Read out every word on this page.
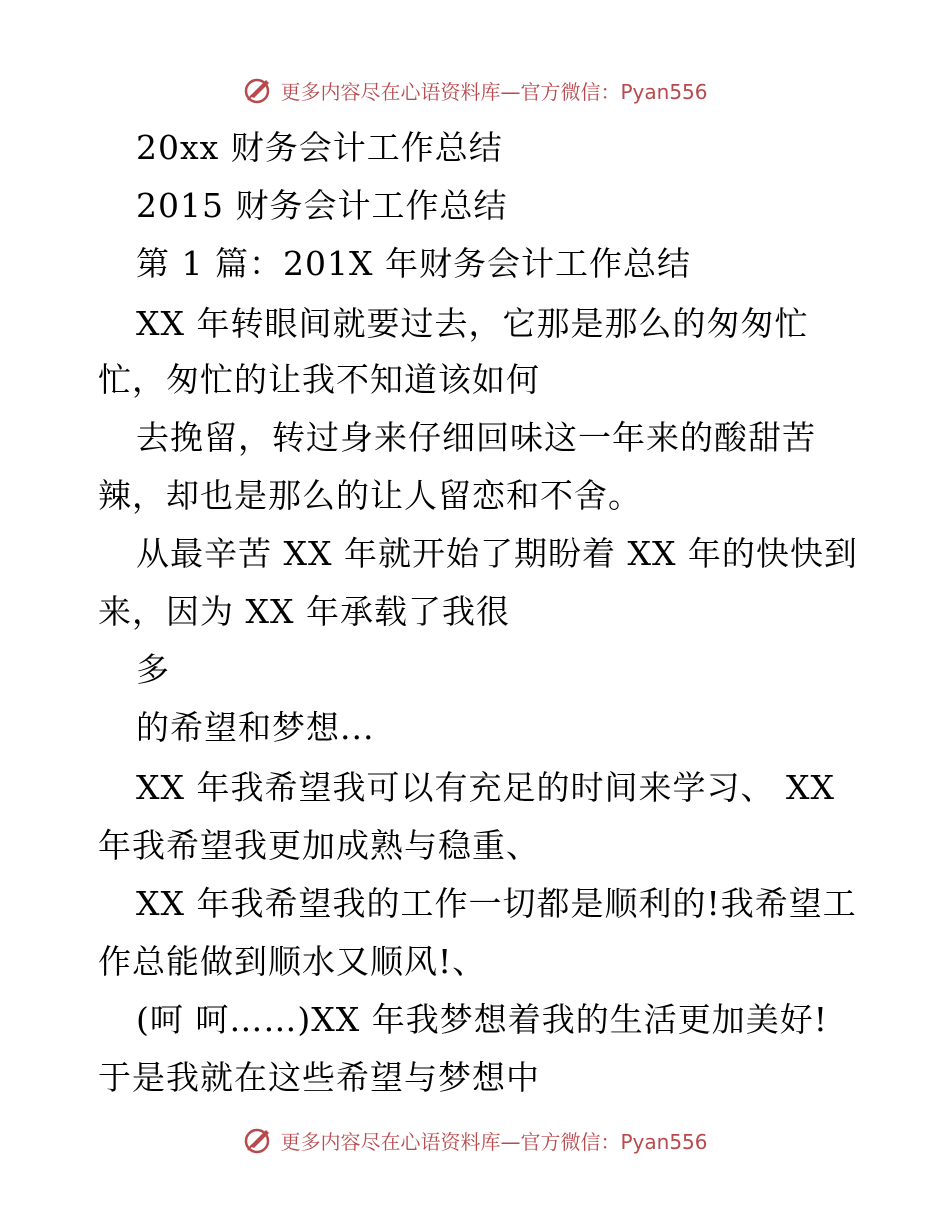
更多内容尽在心语资料库—官方微信：Pyan556
20xx 财务会计工作总结
2015 财务会计工作总结
第 1 篇：201X 年财务会计工作总结
XX 年转眼间就要过去，它那是那么的匆匆忙
忙，匆忙的让我不知道该如何
去挽留，转过身来仔细回味这一年来的酸甜苦
辣，却也是那么的让人留恋和不舍。
从最辛苦 XX 年就开始了期盼着 XX 年的快快到
来，因为 XX 年承载了我很
多
的希望和梦想...
XX 年我希望我可以有充足的时间来学习、 XX
年我希望我更加成熟与稳重、
XX 年我希望我的工作一切都是顺利的!我希望工
作总能做到顺水又顺风!、
(呵 呵……)XX 年我梦想着我的生活更加美好!
于是我就在这些希望与梦想中
更多内容尽在心语资料库—官方微信：Pyan556
